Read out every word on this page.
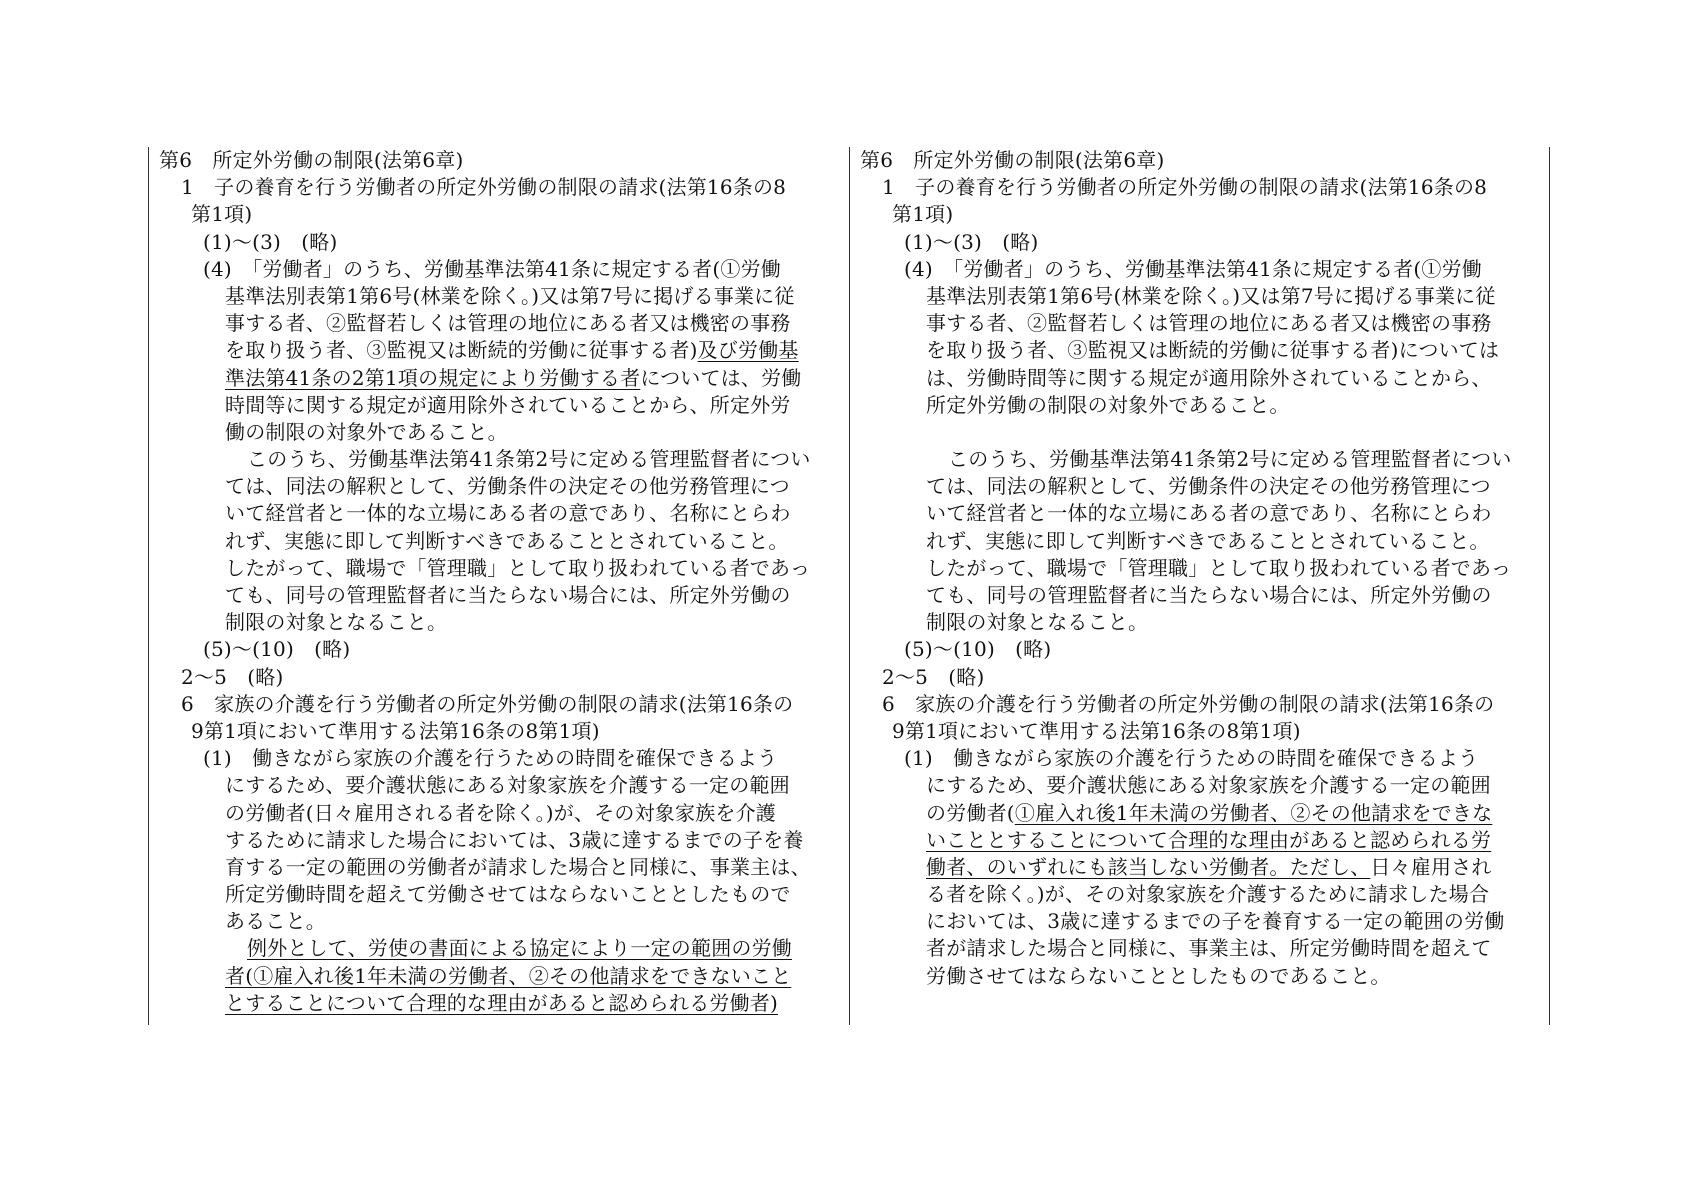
第6　所定外労働の制限(法第6章)
1　子の養育を行う労働者の所定外労働の制限の請求(法第16条の8
第1項)
(1)～(3)　(略)
(4)　「労働者」のうち、労働基準法第41条に規定する者(①労働
基準法別表第1第6号(林業を除く。)又は第7号に掲げる事業に従
事する者、②監督若しくは管理の地位にある者又は機密の事務
を取り扱う者、③監視又は断続的労働に従事する者)及び労働基
準法第41条の2第1項の規定により労働する者については、労働
時間等に関する規定が適用除外されていることから、所定外労
働の制限の対象外であること。
このうち、労働基準法第41条第2号に定める管理監督者につい
ては、同法の解釈として、労働条件の決定その他労務管理につ
いて経営者と一体的な立場にある者の意であり、名称にとらわ
れず、実態に即して判断すべきであることとされていること。
したがって、職場で「管理職」として取り扱われている者であっ
ても、同号の管理監督者に当たらない場合には、所定外労働の
制限の対象となること。
(5)～(10)　(略)
2～5　(略)
6　家族の介護を行う労働者の所定外労働の制限の請求(法第16条の
9第1項において準用する法第16条の8第1項)
(1)　働きながら家族の介護を行うための時間を確保できるよう
にするため、要介護状態にある対象家族を介護する一定の範囲
の労働者(日々雇用される者を除く。)が、その対象家族を介護
するために請求した場合においては、3歳に達するまでの子を養
育する一定の範囲の労働者が請求した場合と同様に、事業主は、
所定労働時間を超えて労働させてはならないこととしたもので
あること。
例外として、労使の書面による協定により一定の範囲の労働
者(①雇入れ後1年未満の労働者、②その他請求をできないこと
とすることについて合理的な理由があると認められる労働者)
第6　所定外労働の制限(法第6章)
1　子の養育を行う労働者の所定外労働の制限の請求(法第16条の8
第1項)
(1)～(3)　(略)
(4)　「労働者」のうち、労働基準法第41条に規定する者(①労働
基準法別表第1第6号(林業を除く。)又は第7号に掲げる事業に従
事する者、②監督若しくは管理の地位にある者又は機密の事務
を取り扱う者、③監視又は断続的労働に従事する者)については
は、労働時間等に関する規定が適用除外されていることから、
所定外労働の制限の対象外であること。
このうち、労働基準法第41条第2号に定める管理監督者につい
ては、同法の解釈として、労働条件の決定その他労務管理につ
いて経営者と一体的な立場にある者の意であり、名称にとらわ
れず、実態に即して判断すべきであることとされていること。
したがって、職場で「管理職」として取り扱われている者であっ
ても、同号の管理監督者に当たらない場合には、所定外労働の
制限の対象となること。
(5)～(10)　(略)
2～5　(略)
6　家族の介護を行う労働者の所定外労働の制限の請求(法第16条の
9第1項において準用する法第16条の8第1項)
(1)　働きながら家族の介護を行うための時間を確保できるよう
にするため、要介護状態にある対象家族を介護する一定の範囲
の労働者(①雇入れ後1年未満の労働者、②その他請求をできな
いこととすることについて合理的な理由があると認められる労
働者、のいずれにも該当しない労働者。ただし、日々雇用され
る者を除く。)が、その対象家族を介護するために請求した場合
においては、3歳に達するまでの子を養育する一定の範囲の労働
者が請求した場合と同様に、事業主は、所定労働時間を超えて
労働させてはならないこととしたものであること。
